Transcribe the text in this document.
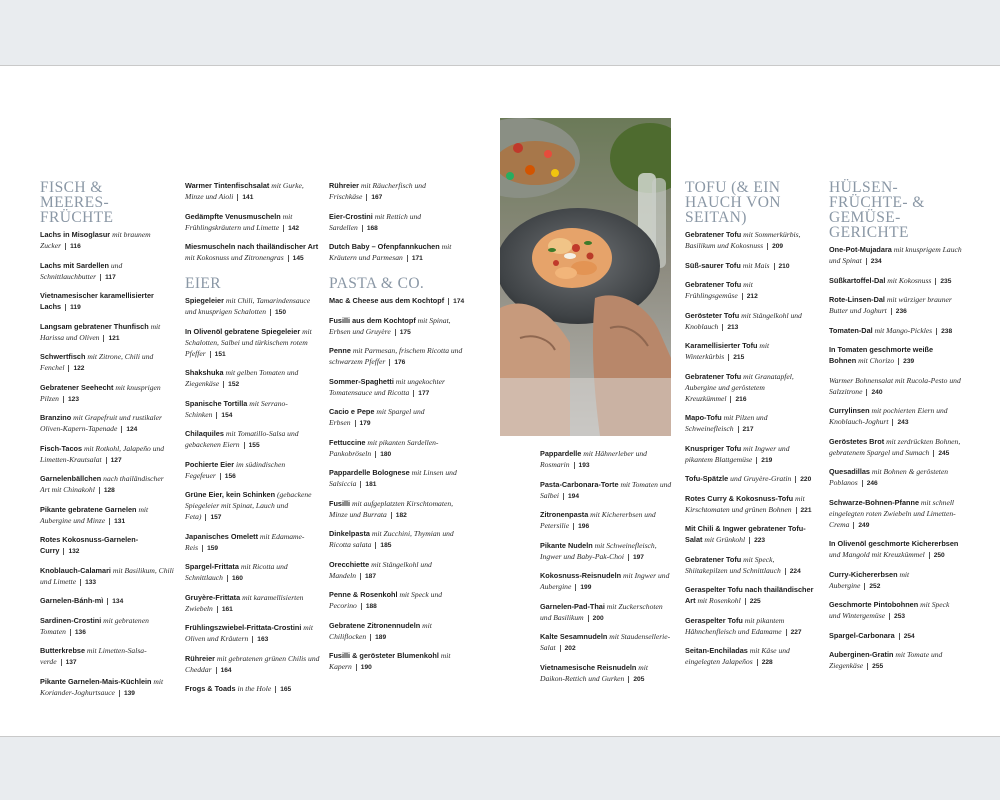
FISCH & MEERES-FRÜCHTE
Lachs in Misoglasur mit braunem Zucker 116
Lachs mit Sardellen und Schnittlauchbutter 117
Vietnamesischer karamellisierter Lachs 119
Langsam gebratener Thunfisch mit Harissa und Oliven 121
Schwertfisch mit Zitrone, Chili und Fenchel 122
Gebratener Seehecht mit knusprigen Pilzen 123
Branzino mit Grapefruit und rustikaler Oliven-Kapern-Tapenade 124
Fisch-Tacos mit Rotkohl, Jalapeño und Limetten-Krautsalat 127
Garnelenbällchen nach thailändischer Art mit Chinakohl 128
Pikante gebratene Garnelen mit Aubergine und Minze 131
Rotes Kokosnuss-Garnelen-Curry 132
Knoblauch-Calamari mit Basilikum, Chili und Limette 133
Garnelen-Bánh-mì 134
Sardinen-Crostini mit gebratenen Tomaten 136
Butterkrebse mit Limetten-Salsa-verde 137
Pikante Garnelen-Mais-Küchlein mit Koriander-Joghurtsauce 139
Warmer Tintenfischsalat mit Gurke, Minze und Aioli 141
Gedämpfte Venusmuscheln mit Frühlingskräutern und Limette 142
Miesmuscheln nach thailändischer Art mit Kokosnuss und Zitronengras 145
EIER
Spiegeleier mit Chili, Tamarindensauce und knusprigen Schalotten 150
In Olivenöl gebratene Spiegeleier mit Schalotten, Salbei und türkischem rotem Pfeffer 151
Shakshuka mit gelben Tomaten und Ziegenkäse 152
Spanische Tortilla mit Serrano-Schinken 154
Chilaquiles mit Tomatillo-Salsa und gebackenen Eiern 155
Pochierte Eier im südindischen Fegefeuer 156
Grüne Eier, kein Schinken (gebackene Spiegeleier mit Spinat, Lauch und Feta) 157
Japanisches Omelett mit Edamame-Reis 159
Spargel-Frittata mit Ricotta und Schnittlauch 160
Gruyère-Frittata mit karamellisierten Zwiebeln 161
Frühlingszwiebel-Frittata-Crostini mit Oliven und Kräutern 163
Rühreier mit gebratenen grünen Chilis und Cheddar 164
Frogs & Toads in the Hole 165
Rühreier mit Räucherfisch und Frischkäse 167
Eier-Crostini mit Rettich und Sardellen 168
Dutch Baby – Ofenpfannkuchen mit Kräutern und Parmesan 171
PASTA & CO.
Mac & Cheese aus dem Kochtopf 174
Fusilli aus dem Kochtopf mit Spinat, Erbsen und Gruyère 175
Penne mit Parmesan, frischem Ricotta und schwarzem Pfeffer 176
Sommer-Spaghetti mit ungekochter Tomatensauce und Ricotta 177
Cacio e Pepe mit Spargel und Erbsen 179
Fettuccine mit pikanten Sardellen-Pankobröseln 180
Pappardelle Bolognese mit Linsen und Salsiccia 181
Fusilli mit aufgeplatzten Kirschtomaten, Minze und Burrata 182
Dinkelpasta mit Zucchini, Thymian und Ricotta salata 185
Orecchiette mit Stängelkohl und Mandeln 187
Penne & Rosenkohl mit Speck und Pecorino 188
Gebratene Zitronennudeln mit Chiliflocken 189
Fusilli & gerösteter Blumenkohl mit Kapern 190
Pappardelle mit Hähnerleber und Rosmarin 193
Pasta-Carbonara-Torte mit Tomaten und Salbei 194
Zitronenpasta mit Kichererbsen und Petersilie 196
Pikante Nudeln mit Schweinefleisch, Ingwer und Baby-Pak-Choi 197
Kokosnuss-Reisnudeln mit Ingwer und Aubergine 199
Garnelen-Pad-Thai mit Zuckerschoten und Basilikum 200
Kalte Sesamnudeln mit Staudensellerie-Salat 202
Vietnamesische Reisnudeln mit Daikon-Rettich und Gurken 205
TOFU (& EIN HAUCH VON SEITAN)
Gebratener Tofu mit Sommerkürbis, Basilikum und Kokosnuss 209
Süß-saurer Tofu mit Mais 210
Gebratener Tofu mit Frühlingsgemüse 212
Gerösteter Tofu mit Stängelkohl und Knoblauch 213
Karamellisierter Tofu mit Winterkürbis 215
Gebratener Tofu mit Granatapfel, Aubergine und geröstetem Kreuzkümmel 216
Mapo-Tofu mit Pilzen und Schweinefleisch 217
Knuspriger Tofu mit Ingwer und pikantem Blattgemüse 219
Tofu-Spätzle und Gruyère-Gratin 220
Rotes Curry & Kokosnuss-Tofu mit Kirschtomaten und grünen Bohnen 221
Mit Chili & Ingwer gebratener Tofu-Salat mit Grünkohl 223
Gebratener Tofu mit Speck, Shiitakepilzen und Schnittlauch 224
Geraspelter Tofu nach thailändischer Art mit Rosenkohl 225
Geraspelter Tofu mit pikantem Hähnchenfleisch und Edamame 227
Seitan-Enchiladas mit Käse und eingelegten Jalapeños 228
HÜLSEN-FRÜCHTE- & GEMÜSE-GERICHTE
One-Pot-Mujadara mit knusprigem Lauch und Spinat 234
Süßkartoffel-Dal mit Kokosnuss 235
Rote-Linsen-Dal mit würziger brauner Butter und Joghurt 236
Tomaten-Dal mit Mango-Pickles 238
In Tomaten geschmorte weiße Bohnen mit Chorizo 239
Warmer Bohnensalat mit Rucola-Pesto und Salzzitrone 240
Currylinsen mit pochierten Eiern und Knoblauch-Joghurt 243
Geröstetes Brot mit zerdrückten Bohnen, gebratenem Spargel und Sumach 245
Quesadillas mit Bohnen & gerösteten Poblanos 246
Schwarze-Bohnen-Pfanne mit schnell eingelegten roten Zwiebeln und Limetten-Crema 249
In Olivenöl geschmorte Kichererbsen und Mangold mit Kreuzkümmel 250
Curry-Kichererbsen mit Aubergine 252
Geschmorte Pintobohnen mit Speck und Wintergemüse 253
Spargel-Carbonara 254
Auberginen-Gratin mit Tomate und Ziegenkäse 255
